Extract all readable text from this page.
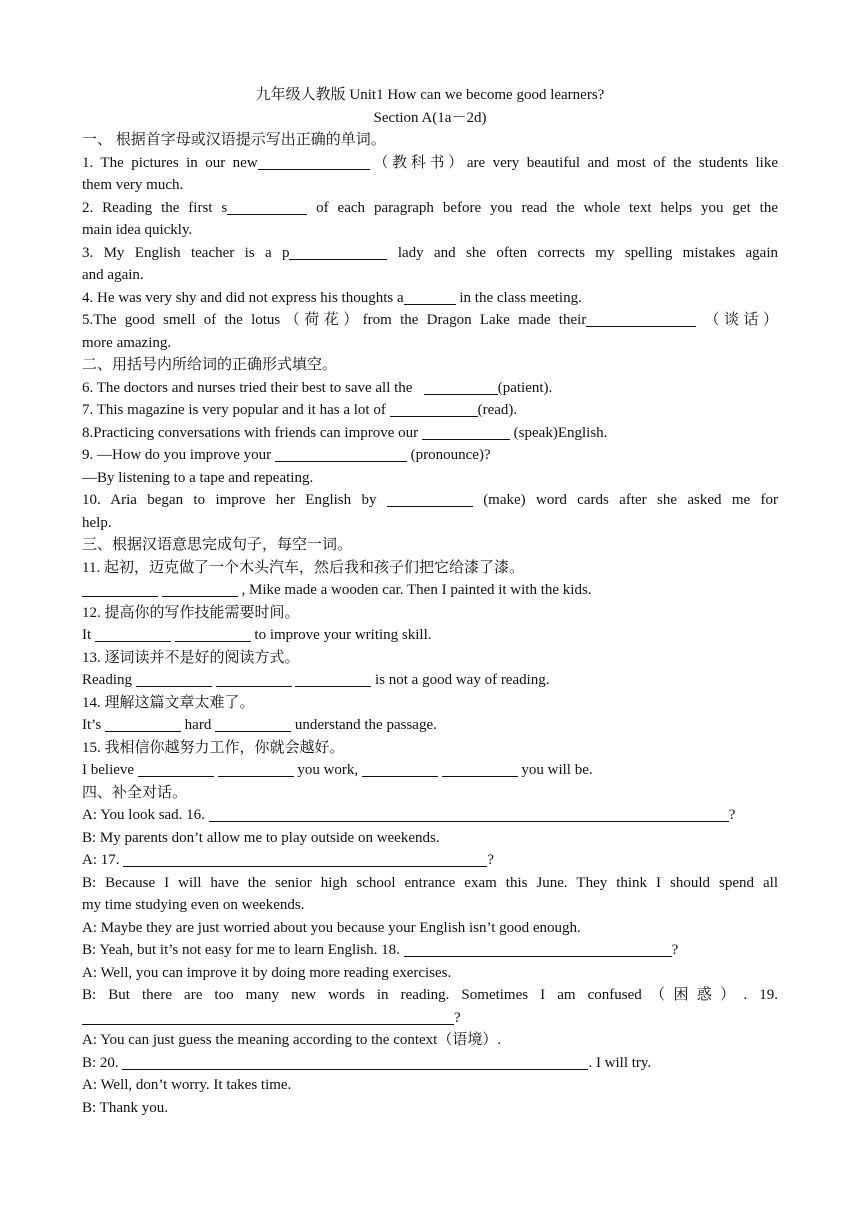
九年级人教版 Unit1 How can we become good learners?
Section A(1a－2d)
一、 根据首字母或汉语提示写出正确的单词。
1. The pictures in our new	（教科书）are very beautiful and most of the students like
them very much.
2. Reading the first s	of each paragraph before you read the whole text helps you get the
main idea quickly.
3. My English teacher is a p	lady and she often corrects my spelling mistakes again
and again.
4. He was very shy and did not express his thoughts a	in the class meeting.
5.The good smell of the lotus（荷花）from the Dragon Lake made their	（谈话）
more amazing.
二、用括号内所给词的正确形式填空。
6. The doctors and nurses tried their best to save all the	(patient).
7. This magazine is very popular and it has a lot of	(read).
8.Practicing conversations with friends can improve our	(speak)English.
9. —How do you improve your	(pronounce)?
—By listening to a tape and repeating.
10. Aria began to improve her English by	(make) word cards after she asked me for
help.
三、根据汉语意思完成句子，每空一词。
11. 起初，迈克做了一个木头汽车，然后我和孩子们把它给漆了漆。
, Mike made a wooden car. Then I painted it with the kids.
12. 提高你的写作技能需要时间。
It	to improve your writing skill.
13. 逐词读并不是好的阅读方式。
Reading	is not a good way of reading.
14. 理解这篇文章太难了。
It’s	hard	understand the passage.
15. 我相信你越努力工作，你就会越好。
I believe	you work,	you will be.
四、补全对话。
A: You look sad. 16.	?
B: My parents don’t allow me to play outside on weekends.
A: 17.	?
B: Because I will have the senior high school entrance exam this June. They think I should spend all
my time studying even on weekends.
A: Maybe they are just worried about you because your English isn’t good enough.
B: Yeah, but it’s not easy for me to learn English. 18.	?
A: Well, you can improve it by doing more reading exercises.
B: But there are too many new words in reading. Sometimes I am confused（困惑）. 19.
?
A: You can just guess the meaning according to the context（语境）.
B: 20.	. I will try.
A: Well, don’t worry. It takes time.
B: Thank you.
